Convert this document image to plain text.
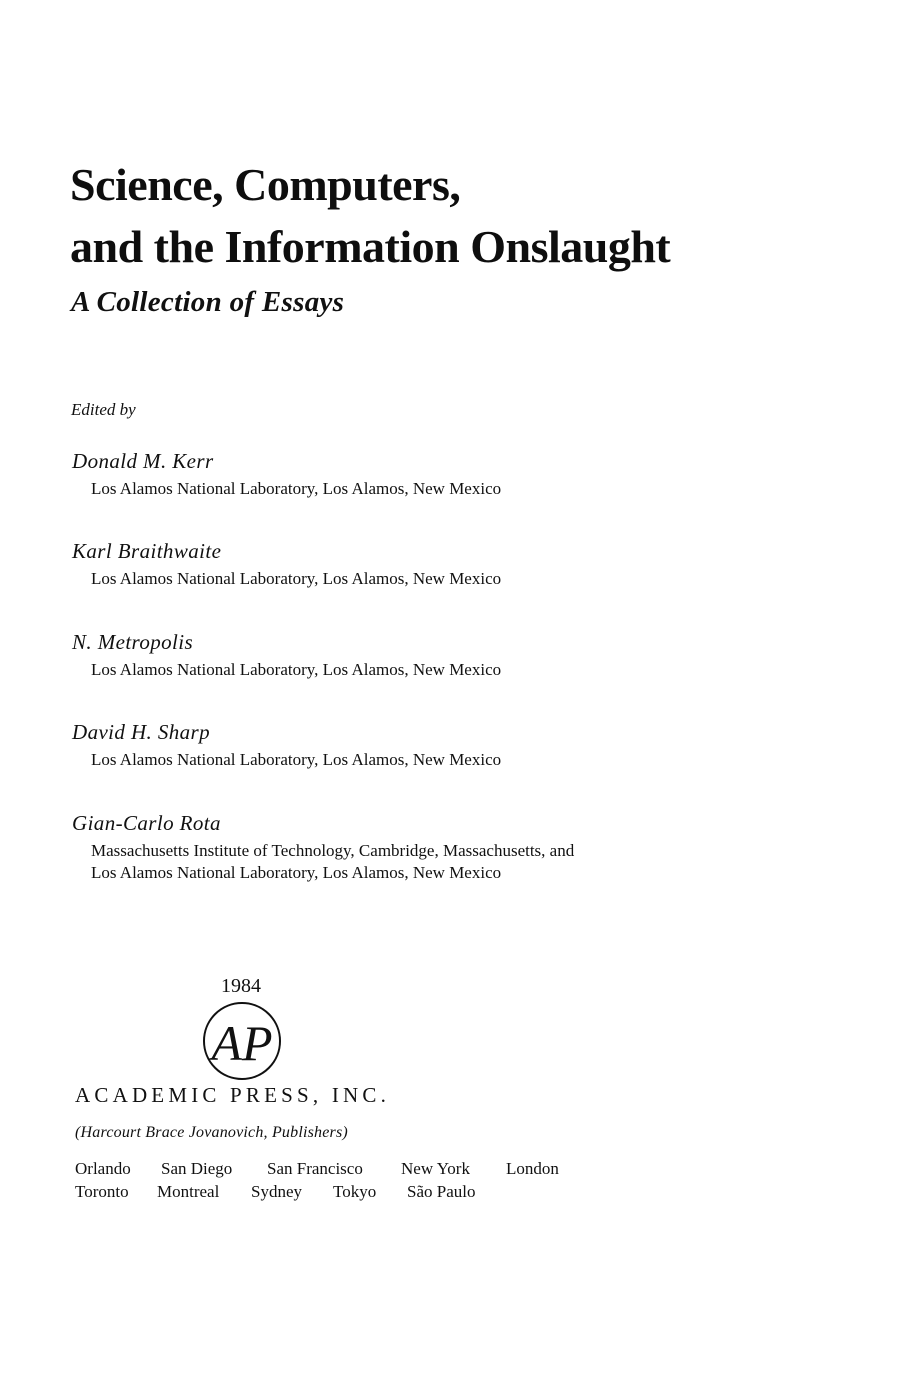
Science, Computers,
and the Information Onslaught
A Collection of Essays
Edited by
Donald M. Kerr
Los Alamos National Laboratory, Los Alamos, New Mexico
Karl Braithwaite
Los Alamos National Laboratory, Los Alamos, New Mexico
N. Metropolis
Los Alamos National Laboratory, Los Alamos, New Mexico
David H. Sharp
Los Alamos National Laboratory, Los Alamos, New Mexico
Gian-Carlo Rota
Massachusetts Institute of Technology, Cambridge, Massachusetts, and
Los Alamos National Laboratory, Los Alamos, New Mexico
1984
AP
ACADEMIC PRESS, INC.
(Harcourt Brace Jovanovich, Publishers)
Orlando San Diego San Francisco New York London
Toronto Montreal Sydney Tokyo São Paulo
